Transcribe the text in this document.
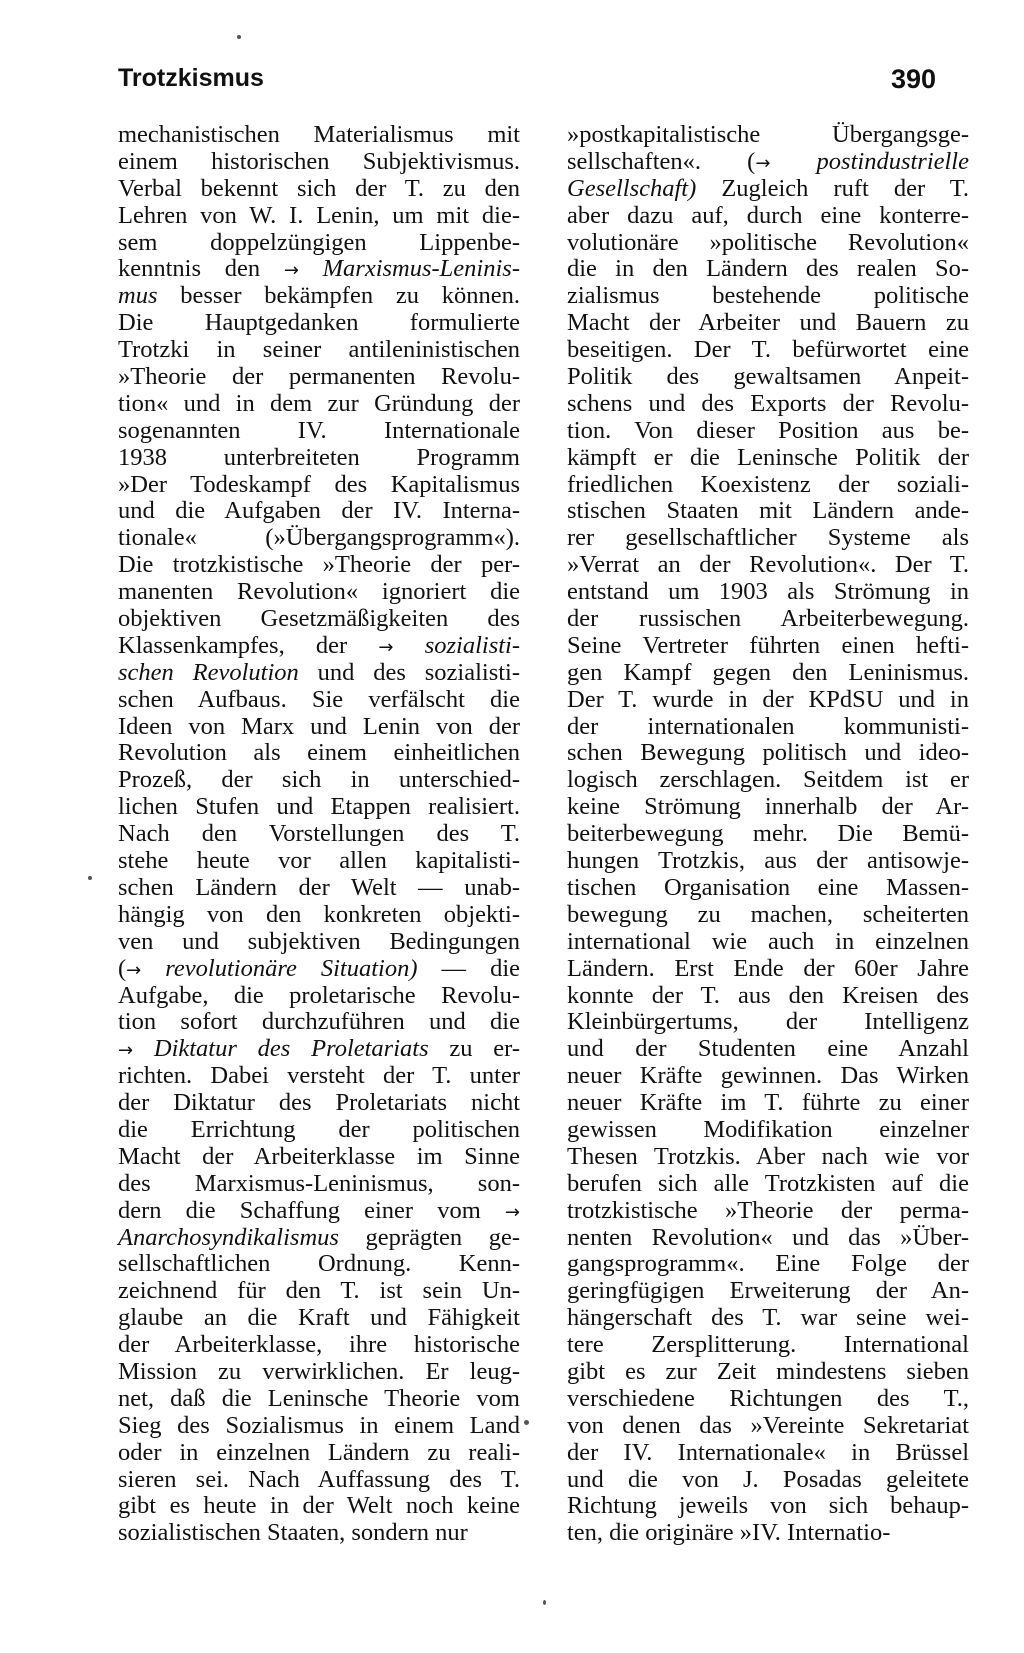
Trotzkismus	390
mechanistischen Materialismus mit
einem historischen Subjektivismus.
Verbal bekennt sich der T. zu den
Lehren von W. I. Lenin, um mit die-
sem doppelzüngigen Lippenbe-
kenntnis den → Marxismus-Leninis-
mus besser bekämpfen zu können.
Die Hauptgedanken formulierte
Trotzki in seiner antileninistischen
»Theorie der permanenten Revolu-
tion« und in dem zur Gründung der
sogenannten IV. Internationale
1938 unterbreiteten Programm
»Der Todeskampf des Kapitalismus
und die Aufgaben der IV. Interna-
tionale« (»Übergangsprogramm«).
Die trotzkistische »Theorie der per-
manenten Revolution« ignoriert die
objektiven Gesetzmäßigkeiten des
Klassenkampfes, der → sozialisti-
schen Revolution und des sozialisti-
schen Aufbaus. Sie verfälscht die
Ideen von Marx und Lenin von der
Revolution als einem einheitlichen
Prozeß, der sich in unterschied-
lichen Stufen und Etappen realisiert.
Nach den Vorstellungen des T.
stehe heute vor allen kapitalisti-
schen Ländern der Welt — unab-
hängig von den konkreten objekti-
ven und subjektiven Bedingungen
(→ revolutionäre Situation) — die
Aufgabe, die proletarische Revolu-
tion sofort durchzuführen und die
→ Diktatur des Proletariats zu er-
richten. Dabei versteht der T. unter
der Diktatur des Proletariats nicht
die Errichtung der politischen
Macht der Arbeiterklasse im Sinne
des Marxismus-Leninismus, son-
dern die Schaffung einer vom →
Anarchosyndikalismus geprägten ge-
sellschaftlichen Ordnung. Kenn-
zeichnend für den T. ist sein Un-
glaube an die Kraft und Fähigkeit
der Arbeiterklasse, ihre historische
Mission zu verwirklichen. Er leug-
net, daß die Leninsche Theorie vom
Sieg des Sozialismus in einem Land
oder in einzelnen Ländern zu reali-
sieren sei. Nach Auffassung des T.
gibt es heute in der Welt noch keine
sozialistischen Staaten, sondern nur
»postkapitalistische Übergangsge-
sellschaften«. (→ postindustrielle
Gesellschaft) Zugleich ruft der T.
aber dazu auf, durch eine konterre-
volutionäre »politische Revolution«
die in den Ländern des realen So-
zialismus bestehende politische
Macht der Arbeiter und Bauern zu
beseitigen. Der T. befürwortet eine
Politik des gewaltsamen Anpeit-
schens und des Exports der Revolu-
tion. Von dieser Position aus be-
kämpft er die Leninsche Politik der
friedlichen Koexistenz der soziali-
stischen Staaten mit Ländern ande-
rer gesellschaftlicher Systeme als
»Verrat an der Revolution«. Der T.
entstand um 1903 als Strömung in
der russischen Arbeiterbewegung.
Seine Vertreter führten einen hefti-
gen Kampf gegen den Leninismus.
Der T. wurde in der KPdSU und in
der internationalen kommunisti-
schen Bewegung politisch und ideo-
logisch zerschlagen. Seitdem ist er
keine Strömung innerhalb der Ar-
beiterbewegung mehr. Die Bemü-
hungen Trotzkis, aus der antisowje-
tischen Organisation eine Massen-
bewegung zu machen, scheiterten
international wie auch in einzelnen
Ländern. Erst Ende der 60er Jahre
konnte der T. aus den Kreisen des
Kleinbürgertums, der Intelligenz
und der Studenten eine Anzahl
neuer Kräfte gewinnen. Das Wirken
neuer Kräfte im T. führte zu einer
gewissen Modifikation einzelner
Thesen Trotzkis. Aber nach wie vor
berufen sich alle Trotzkisten auf die
trotzkistische »Theorie der perma-
nenten Revolution« und das »Über-
gangsprogramm«. Eine Folge der
geringfügigen Erweiterung der An-
hängerschaft des T. war seine wei-
tere Zersplitterung. International
gibt es zur Zeit mindestens sieben
verschiedene Richtungen des T.,
von denen das »Vereinte Sekretariat
der IV. Internationale« in Brüssel
und die von J. Posadas geleitete
Richtung jeweils von sich behaup-
ten, die originäre »IV. Internatio-
